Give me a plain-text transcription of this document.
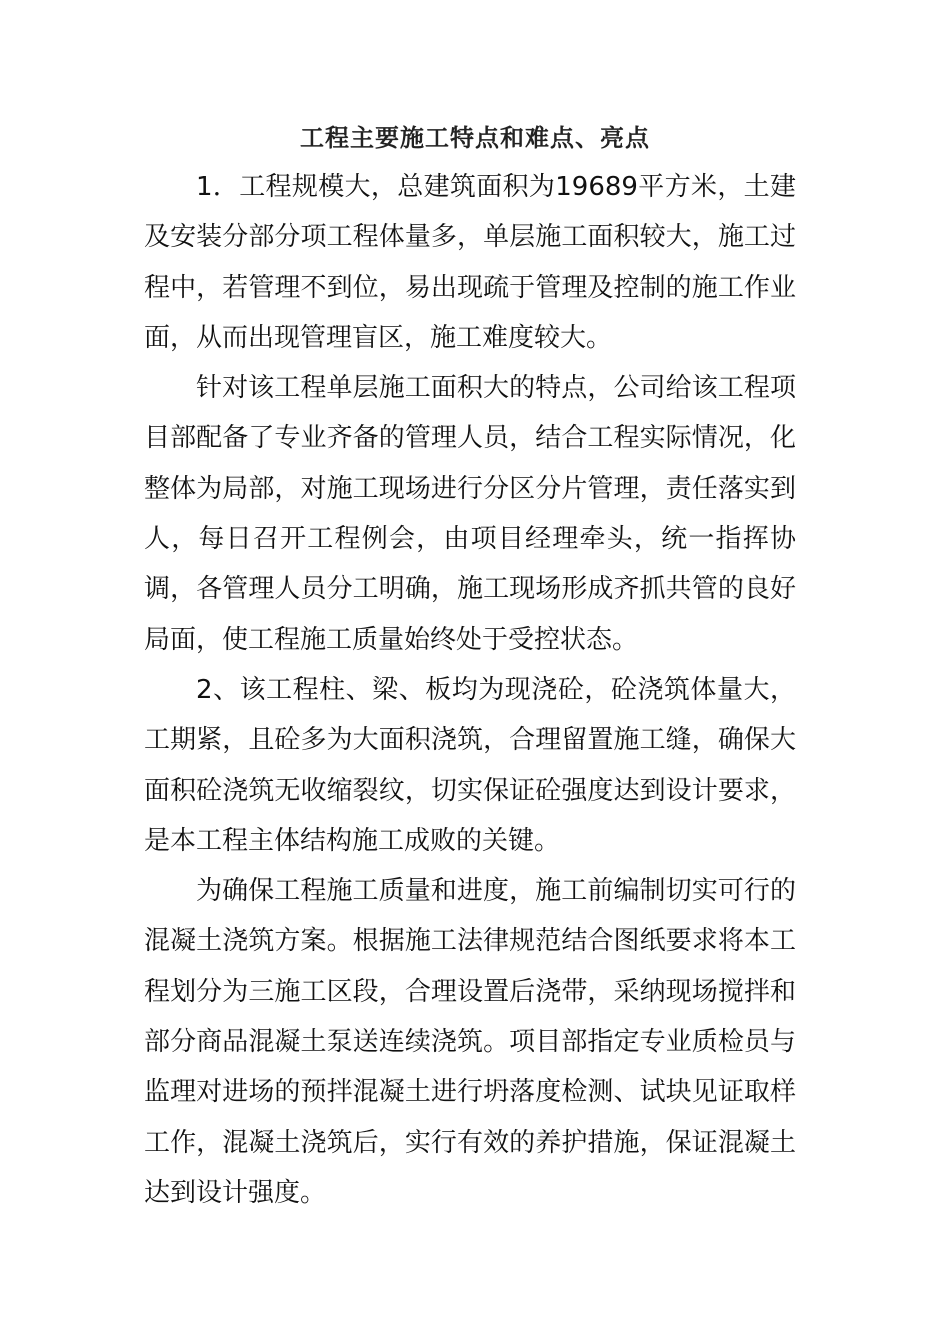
工程主要施工特点和难点、亮点

1．工程规模大，总建筑面积为19689平方米，土建及安装分部分项工程体量多，单层施工面积较大，施工过程中，若管理不到位，易出现疏于管理及控制的施工作业面，从而出现管理盲区，施工难度较大。

针对该工程单层施工面积大的特点，公司给该工程项目部配备了专业齐备的管理人员，结合工程实际情况，化整体为局部，对施工现场进行分区分片管理，责任落实到人，每日召开工程例会，由项目经理牵头，统一指挥协调，各管理人员分工明确，施工现场形成齐抓共管的良好局面，使工程施工质量始终处于受控状态。

2、该工程柱、梁、板均为现浇砼，砼浇筑体量大，工期紧，且砼多为大面积浇筑，合理留置施工缝，确保大面积砼浇筑无收缩裂纹，切实保证砼强度达到设计要求，是本工程主体结构施工成败的关键。

为确保工程施工质量和进度，施工前编制切实可行的混凝土浇筑方案。根据施工法律规范结合图纸要求将本工程划分为三施工区段，合理设置后浇带，采纳现场搅拌和部分商品混凝土泵送连续浇筑。项目部指定专业质检员与监理对进场的预拌混凝土进行坍落度检测、试块见证取样工作，混凝土浇筑后，实行有效的养护措施，保证混凝土达到设计强度。
